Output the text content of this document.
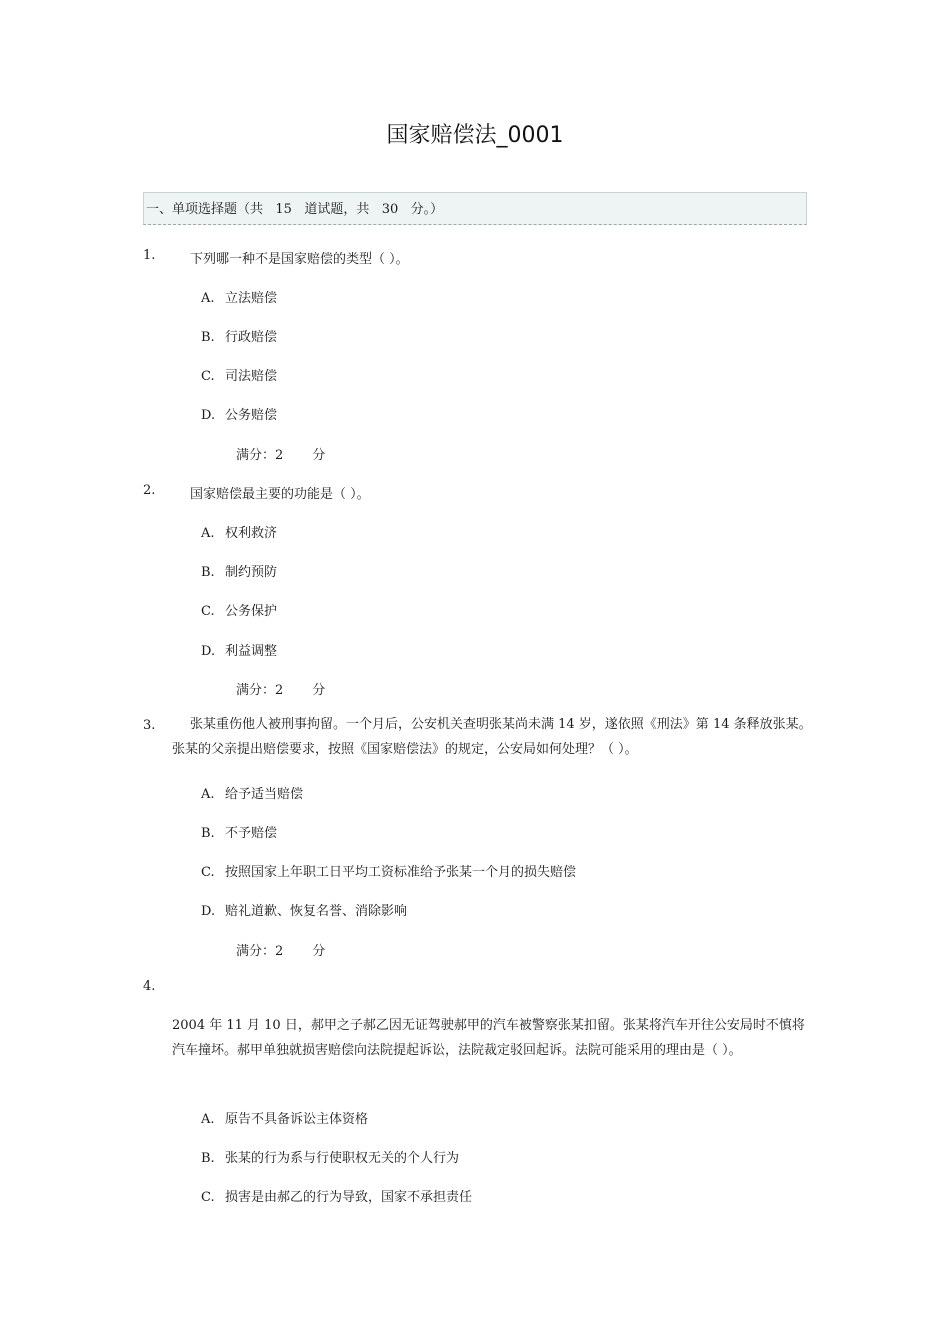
国家赔偿法_0001
一、单项选择题（共   15   道试题，共   30   分。）
1.	下列哪一种不是国家赔偿的类型（ ）。
A. 立法赔偿
B. 行政赔偿
C. 司法赔偿
D. 公务赔偿
满分：2       分
2.	国家赔偿最主要的功能是（ ）。
A. 权利救济
B. 制约预防
C. 公务保护
D. 利益调整
满分：2       分
3.	张某重伤他人被刑事拘留。一个月后，公安机关查明张某尚未满 14 岁，遂依照《刑法》第 14 条释放张某。张某的父亲提出赔偿要求，按照《国家赔偿法》的规定，公安局如何处理？（ ）。
A. 给予适当赔偿
B. 不予赔偿
C. 按照国家上年职工日平均工资标准给予张某一个月的损失赔偿
D. 赔礼道歉、恢复名誉、消除影响
满分：2       分
4.
2004 年 11 月 10 日，郝甲之子郝乙因无证驾驶郝甲的汽车被警察张某扣留。张某将汽车开往公安局时不慎将汽车撞坏。郝甲单独就损害赔偿向法院提起诉讼，法院裁定驳回起诉。法院可能采用的理由是（ ）。
A. 原告不具备诉讼主体资格
B. 张某的行为系与行使职权无关的个人行为
C. 损害是由郝乙的行为导致，国家不承担责任
